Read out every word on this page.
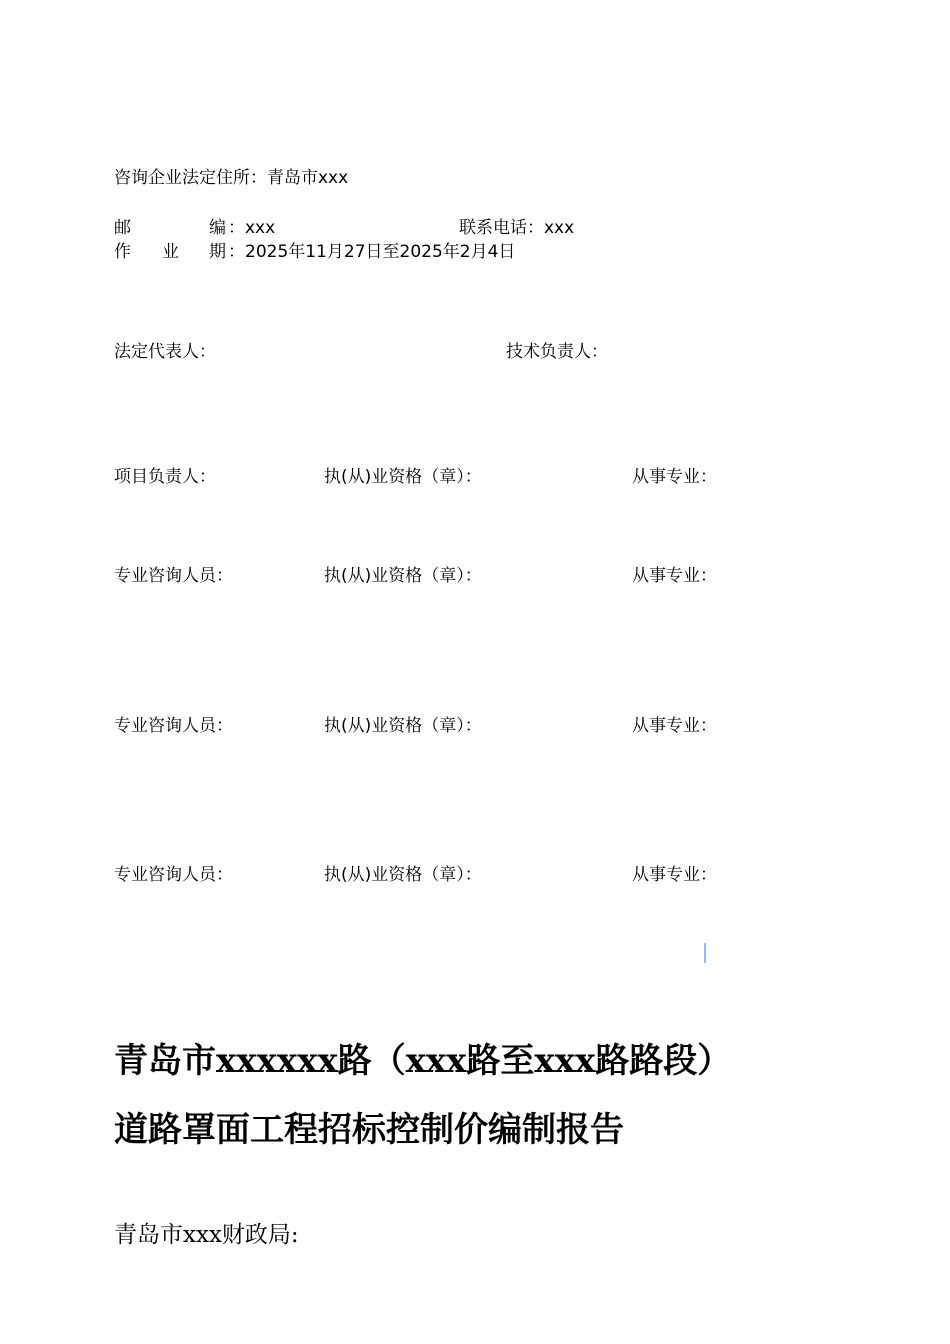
咨询企业法定住所：青岛市xxx
邮	编 ：xxx	联系电话：xxx
作 业 期 ：2025年11月27日至2025年2月4日
法定代表人：	技术负责人：
项目负责人：	执(从)业资格（章）：	从事专业：
专业咨询人员：	执(从)业资格（章）：	从事专业：
专业咨询人员：	执(从)业资格（章）：	从事专业：
专业咨询人员：	执(从)业资格（章）：	从事专业：
青岛市xxxxxx路（xxx路至xxx路路段）
道路罩面工程招标控制价编制报告
青岛市xxx财政局:
